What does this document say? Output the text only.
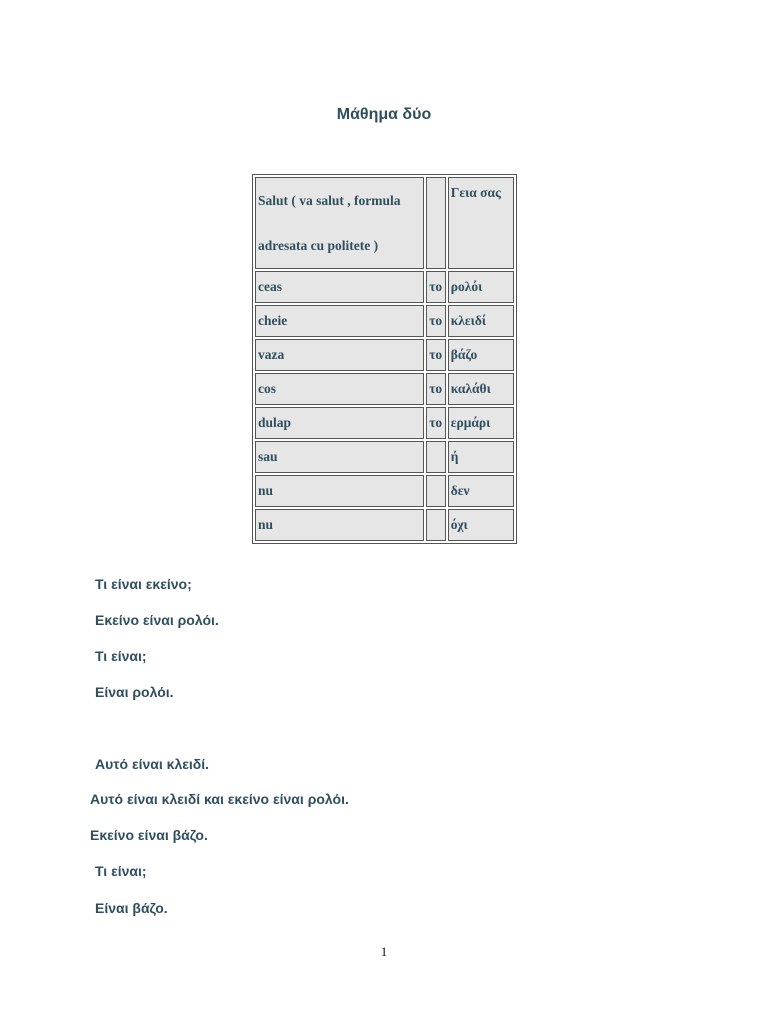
Μάθημα δύο
Salut ( va salut , formula adresata cu politete )		Γεια σας
ceas	το	ρολόι
cheie	το	κλειδί
vaza	το	βάζο
cos	το	καλάθι
dulap	το	ερμάρι
sau		ή
nu		δεν
nu		όχι
Τι είναι εκείνο;
Εκείνο είναι ρολόι.
Τι είναι;
Είναι ρολόι.
Αυτό είναι κλειδί.
Αυτό είναι κλειδί και εκείνο είναι ρολόι.
Εκείνο είναι βάζο.
Τι είναι;
Είναι βάζο.
1
